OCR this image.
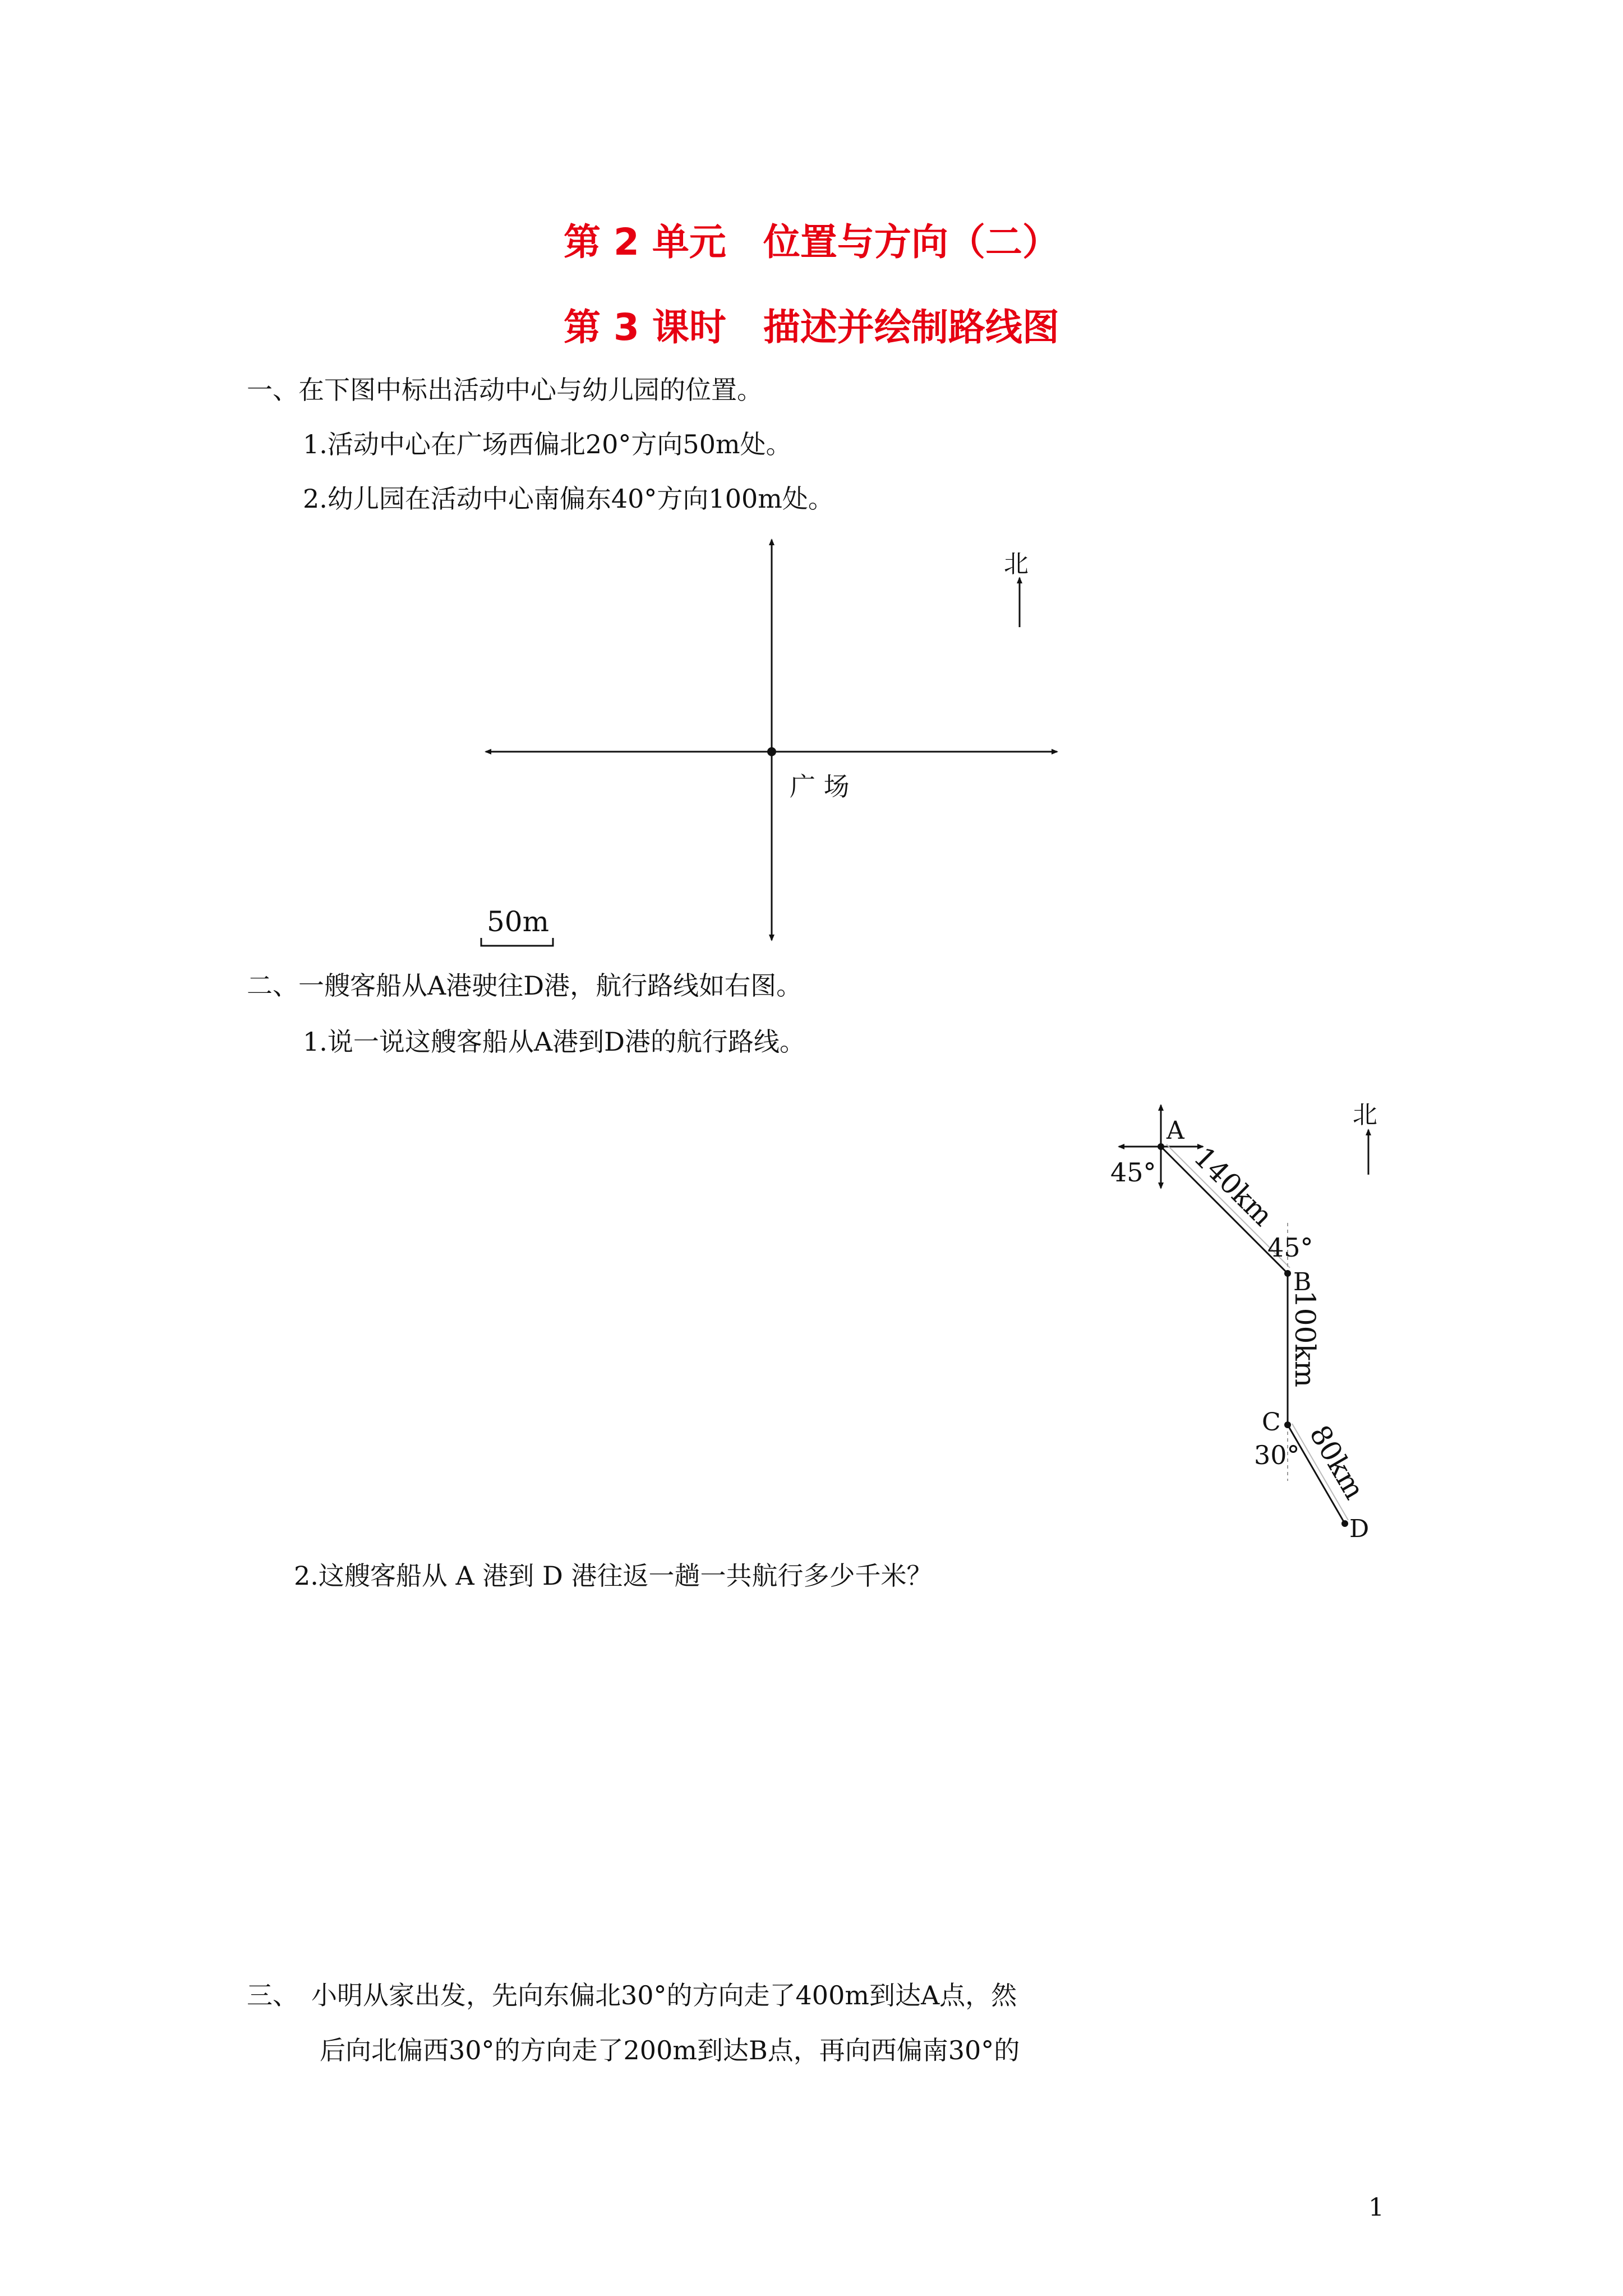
第 2 单元　位置与方向（二）
第 3 课时　描述并绘制路线图
一、在下图中标出活动中心与幼儿园的位置。
1.活动中心在广场西偏北20°方向50m处。
2.幼儿园在活动中心南偏东40°方向100m处。
广 场
北
50m
二、一艘客船从A港驶往D港，航行路线如右图。
1.说一说这艘客船从A港到D港的航行路线。
A
B
C
D
45°
45°
30°
140km
100km
80km
北
2.这艘客船从 A 港到 D 港往返一趟一共航行多少千米？
三、　小明从家出发，先向东偏北30°的方向走了400m到达A点，然
后向北偏西30°的方向走了200m到达B点，再向西偏南30°的
1
